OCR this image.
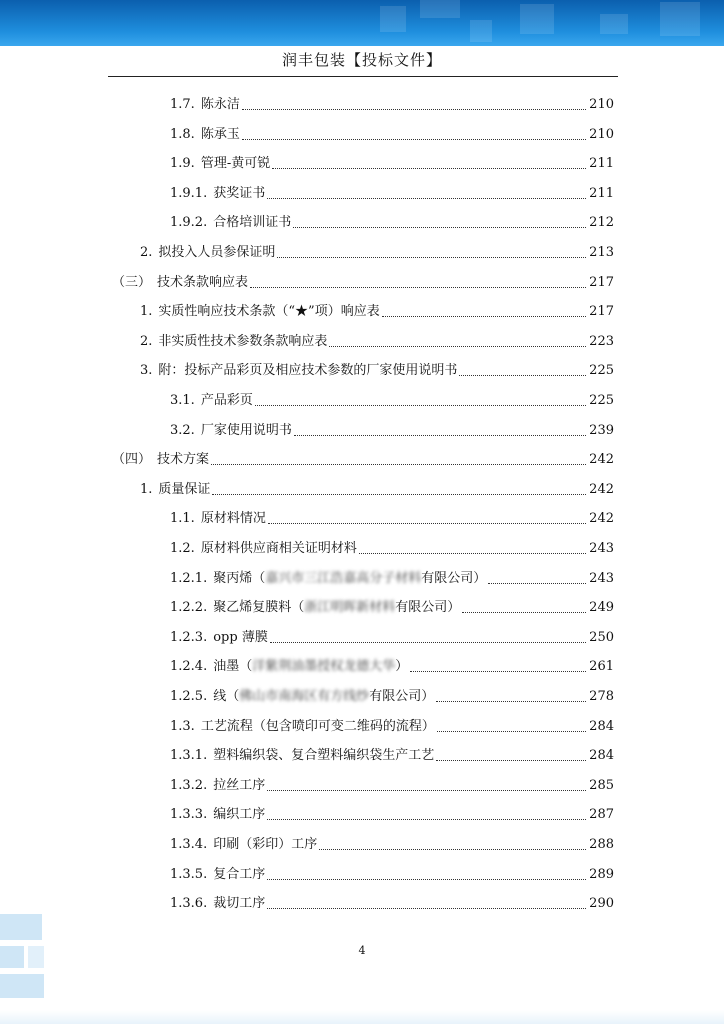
润丰包装【投标文件】
1.7. 陈永洁	210
1.8. 陈承玉	210
1.9. 管理-黄可锐	211
1.9.1. 获奖证书	211
1.9.2. 合格培训证书	212
2. 拟投入人员参保证明	213
（三） 技术条款响应表	217
1. 实质性响应技术条款（“★”项）响应表	217
2. 非实质性技术参数条款响应表	223
3. 附：投标产品彩页及相应技术参数的厂家使用说明书	225
3.1. 产品彩页	225
3.2. 厂家使用说明书	239
（四） 技术方案	242
1. 质量保证	242
1.1. 原材料情况	242
1.2. 原材料供应商相关证明材料	243
1.2.1. 聚丙烯（嘉兴市三江浩嘉高分子材料有限公司）	243
1.2.2. 聚乙烯复膜料（浙江明晖新材料有限公司）	249
1.2.3. opp 薄膜	250
1.2.4. 油墨（洋紫荆油墨授权龙德大华）	261
1.2.5. 线（佛山市南海区有方线纱有限公司）	278
1.3. 工艺流程（包含喷印可变二维码的流程）	284
1.3.1. 塑料编织袋、复合塑料编织袋生产工艺	284
1.3.2. 拉丝工序	285
1.3.3. 编织工序	287
1.3.4. 印刷（彩印）工序	288
1.3.5. 复合工序	289
1.3.6. 裁切工序	290
4
